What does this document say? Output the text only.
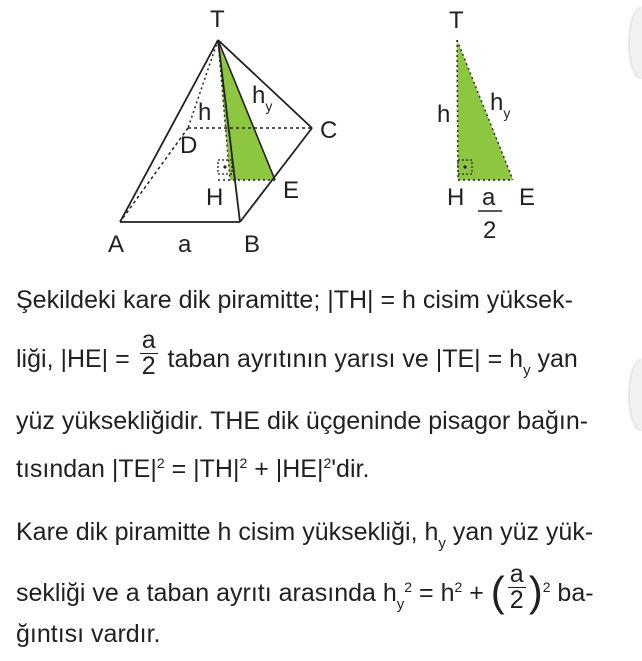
T
A	B
C
D
H E
a
h
$h_y$
T
h $h_y$
H E
a
2
Şekildeki kare dik piramitte; |TH| = h cisim yüksek-
liği, $|HE| = \frac{a}{2}$ taban ayrıtının yarısı ve $|TE| = h_y$ yan
yüz yüksekliğidir. THE dik üçgeninde pisagor bağın-
tısından $|TE|^2 = |TH|^2 + |HE|^2'dir$.
Kare dik piramitte h cisim yüksekliği, $h_y$ yan yüz yük-
sekliği ve a taban ayrıtı arasında $h_y^2 = h^2$ + ( $\frac{a}{2} )^2$ ba-
ğıntısı vardır.
